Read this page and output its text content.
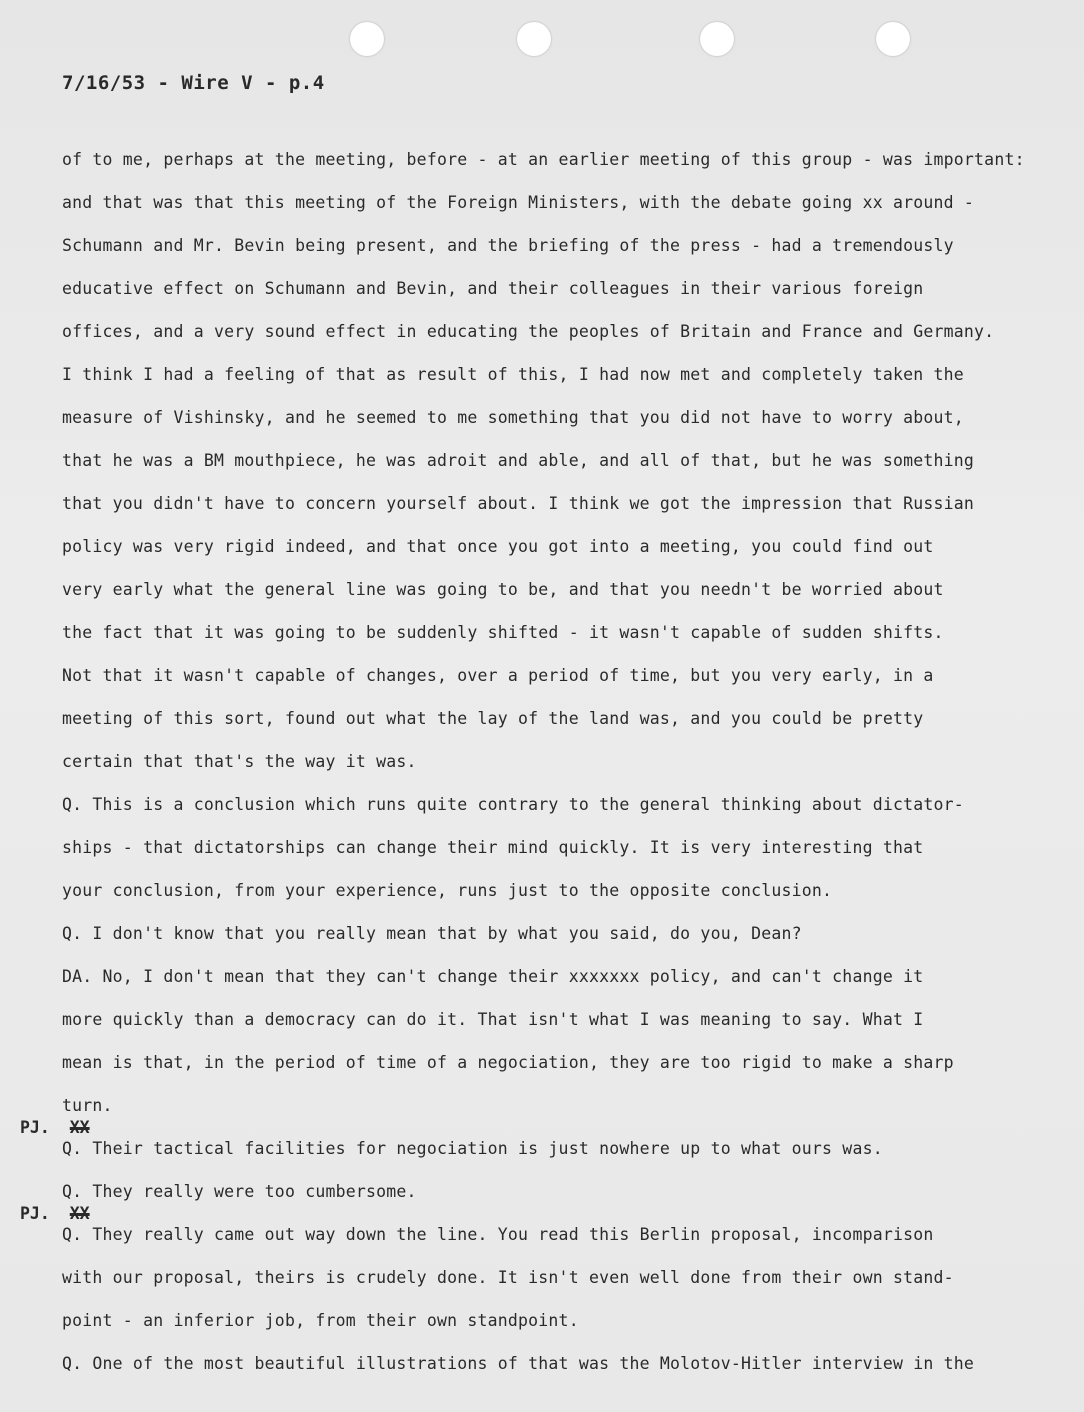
7/16/53 - Wire V - p.4
PJ. XX
PJ. XX
of to me, perhaps at the meeting, before - at an earlier meeting of this group - was important:
and that was that this meeting of the Foreign Ministers, with the debate going xx around -
Schumann and Mr. Bevin being present, and the briefing of the press - had a tremendously
educative effect on Schumann and Bevin, and their colleagues in their various foreign
offices, and a very sound effect in educating the peoples of Britain and France and Germany.
I think I had a feeling of that as result of this, I had now met and completely taken the
measure of Vishinsky, and he seemed to me something that you did not have to worry about,
that he was a BM mouthpiece, he was adroit and able, and all of that, but he was something
that you didn't have to concern yourself about. I think we got the impression that Russian
policy was very rigid indeed, and that once you got into a meeting, you could find out
very early what the general line was going to be, and that you needn't be worried about
the fact that it was going to be suddenly shifted - it wasn't capable of sudden shifts.
Not that it wasn't capable of changes, over a period of time, but you very early, in a
meeting of this sort, found out what the lay of the land was, and you could be pretty
certain that that's the way it was.
Q. This is a conclusion which runs quite contrary to the general thinking about dictator-
ships - that dictatorships can change their mind quickly. It is very interesting that
your conclusion, from your experience, runs just to the opposite conclusion.
Q. I don't know that you really mean that by what you said, do you, Dean?
DA. No, I don't mean that they can't change their xxxxxxx policy, and can't change it
more quickly than a democracy can do it. That isn't what I was meaning to say. What I
mean is that, in the period of time of a negociation, they are too rigid to make a sharp
turn.
Q. Their tactical facilities for negociation is just nowhere up to what ours was.
Q. They really were too cumbersome.
Q. They really came out way down the line. You read this Berlin proposal, incomparison
with our proposal, theirs is crudely done. It isn't even well done from their own stand-
point - an inferior job, from their own standpoint.
Q. One of the most beautiful illustrations of that was the Molotov-Hitler interview in the
